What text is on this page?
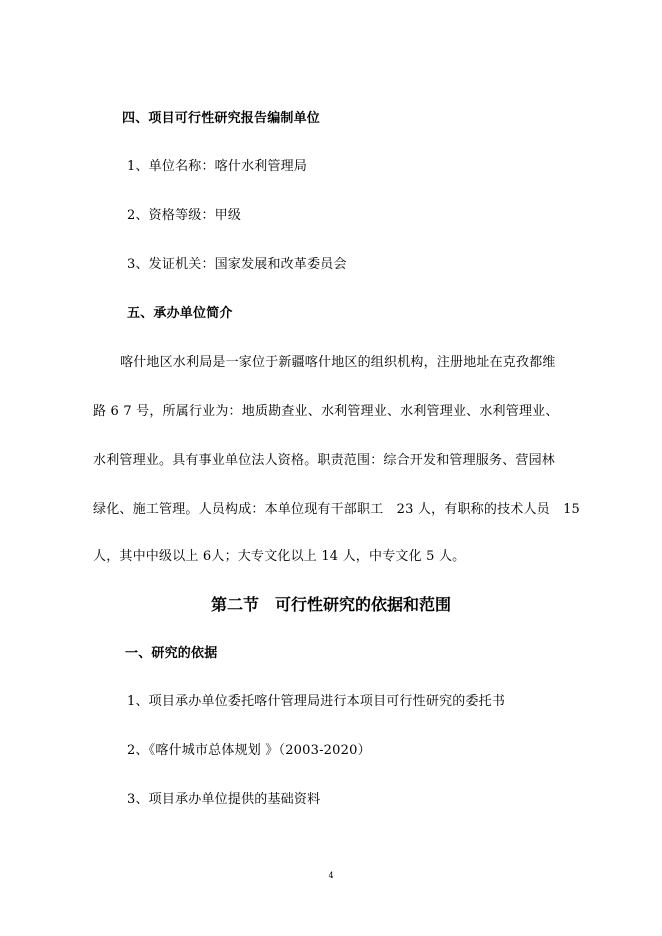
四、项目可行性研究报告编制单位
1、单位名称：喀什水利管理局
2、资格等级：甲级
3、发证机关：国家发展和改革委员会
五、承办单位简介
喀什地区水利局是一家位于新疆喀什地区的组织机构，注册地址在克孜都维
路 6 7 号，所属行业为：地质勘查业、水利管理业、水利管理业、水利管理业、
水利管理业。具有事业单位法人资格。职责范围：综合开发和管理服务、营园林
绿化、施工管理。人员构成：本单位现有干部职工　23 人，有职称的技术人员　15
人，其中中级以上 6人；大专文化以上 14 人，中专文化 5 人。
第二节　可行性研究的依据和范围
一、研究的依据
1、项目承办单位委托喀什管理局进行本项目可行性研究的委托书
2、《喀什城市总体规划 》（2003-2020）
3、项目承办单位提供的基础资料
4
